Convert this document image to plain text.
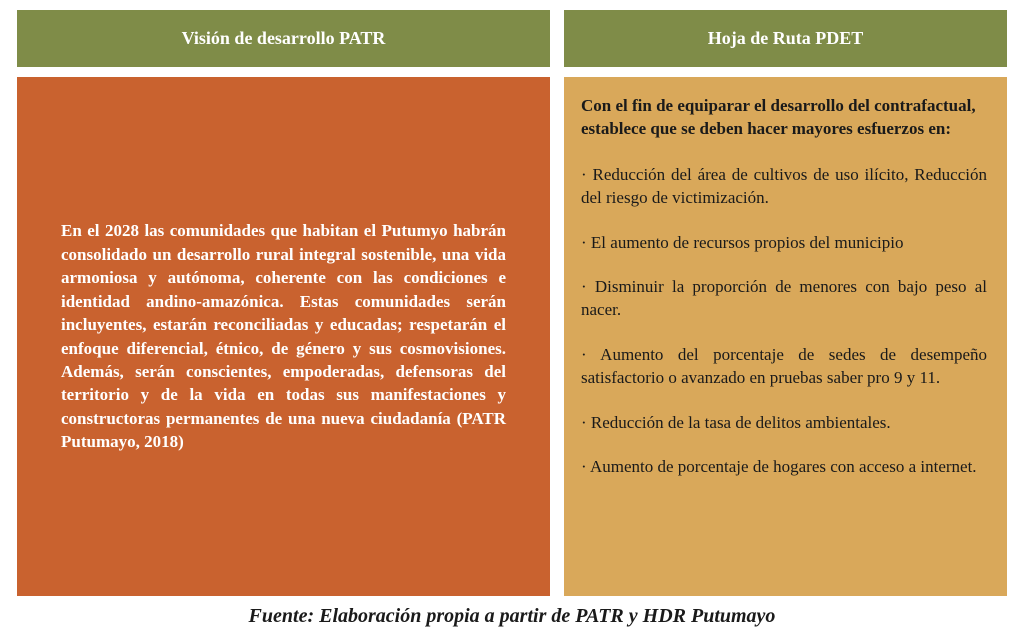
Visión de desarrollo PATR	Hoja de Ruta PDET

En el 2028 las comunidades que habitan el Putumyo habrán consolidado un desarrollo rural integral sostenible, una vida armoniosa y autónoma, coherente con las condiciones e identidad andino-amazónica. Estas comunidades serán incluyentes, estarán reconciliadas y educadas; respetarán el enfoque diferencial, étnico, de género y sus cosmovisiones. Además, serán conscientes, empoderadas, defensoras del territorio y de la vida en todas sus manifestaciones y constructoras permanentes de una nueva ciudadanía (PATR Putumayo, 2018)

Con el fin de equiparar el desarrollo del contrafactual, establece que se deben hacer mayores esfuerzos en:

· Reducción del área de cultivos de uso ilícito, Reducción del riesgo de victimización.

· El aumento de recursos propios del municipio

· Disminuir la proporción de menores con bajo peso al nacer.

· Aumento del porcentaje de sedes de desempeño satisfactorio o avanzado en pruebas saber pro 9 y 11.

· Reducción de la tasa de delitos ambientales.

· Aumento de porcentaje de hogares con acceso a internet.

Fuente: Elaboración propia a partir de PATR y HDR Putumayo
